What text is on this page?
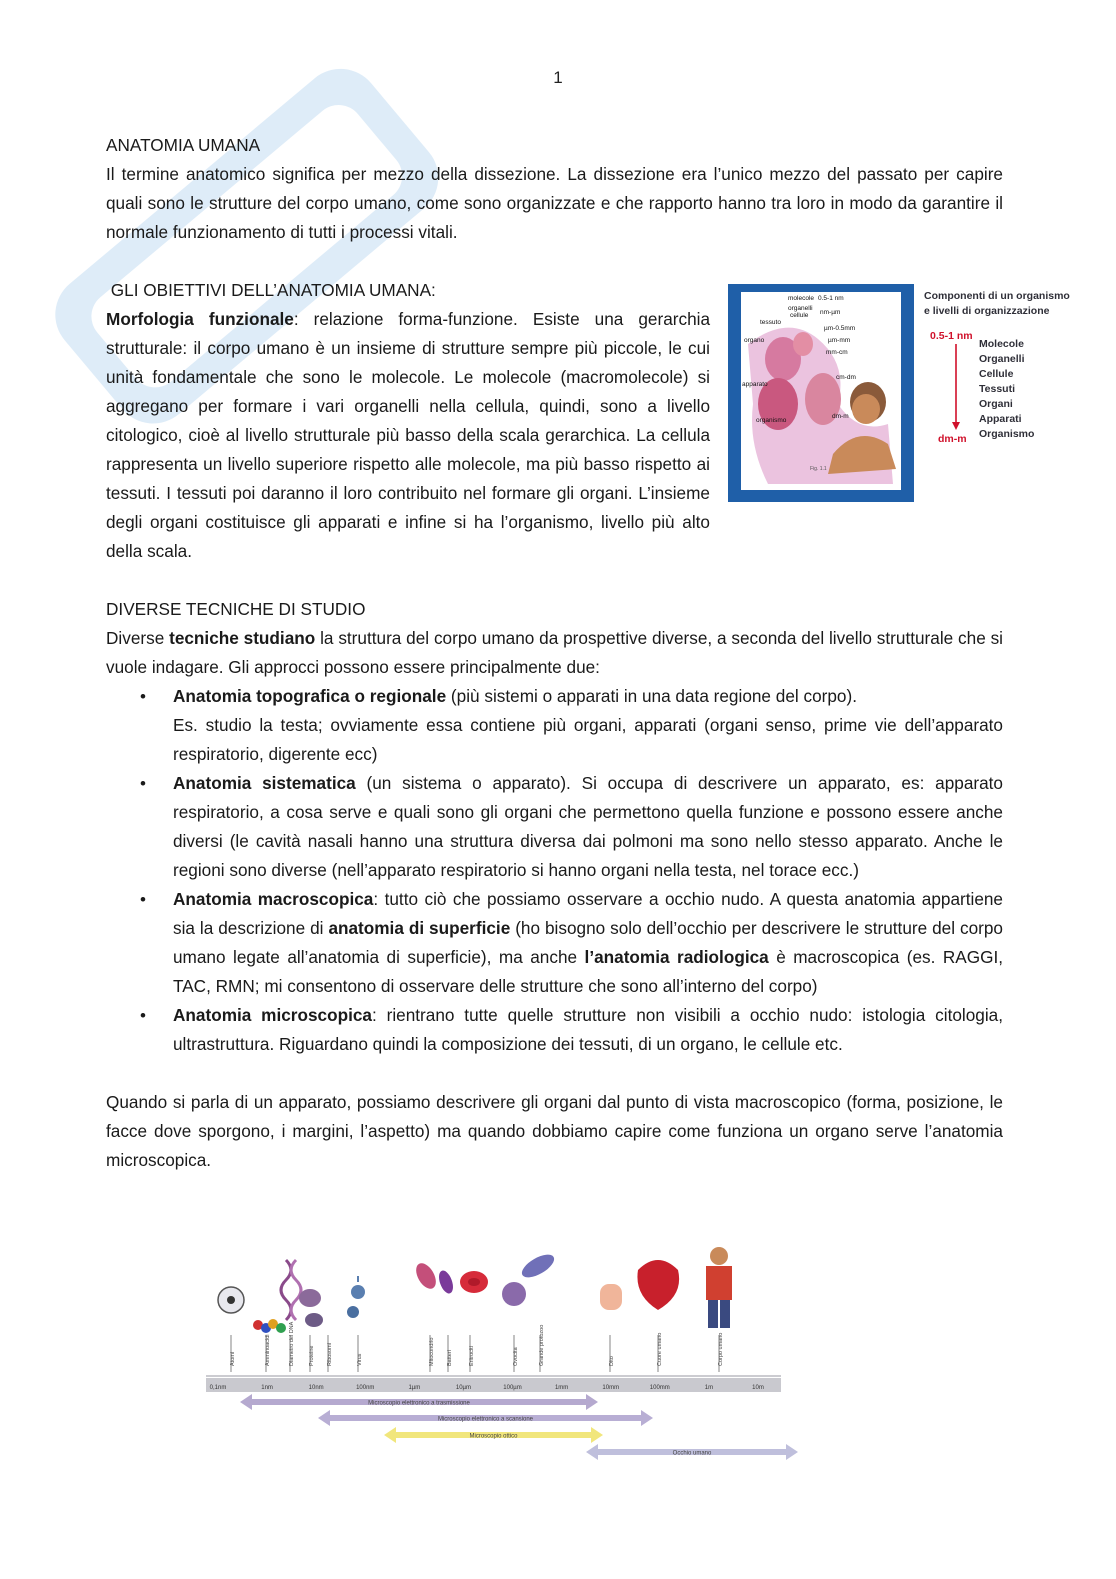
1

ANATOMIA UMANA

Il termine anatomico significa per mezzo della dissezione. La dissezione era l’unico mezzo del passato per capire quali sono le strutture del corpo umano, come sono organizzate e che rapporto hanno tra loro in modo da garantire il normale funzionamento di tutti i processi vitali.

molecole 0.5-1 nm
organelli
nm-µm
cellule
tessuto
µm-0.5mm
organo	µm-mm
mm-cm
cm-dm
apparato
organismo
dm-m
Fig. 1.1
Componenti di un organismo
e livelli di organizzazione
0.5-1 nm
dm-m
Molecole
Organelli
Cellule
Tessuti
Organi
Apparati
Organismo

GLI OBIETTIVI DELL’ANATOMIA UMANA:

Morfologia funzionale: relazione forma-funzione. Esiste una gerarchia strutturale: il corpo umano è un insieme di strutture sempre più piccole, le cui unità fondamentale che sono le molecole. Le molecole (macromolecole) si aggregano per formare i vari organelli nella cellula, quindi, sono a livello citologico, cioè al livello strutturale più basso della scala gerarchica. La cellula rappresenta un livello superiore rispetto alle molecole, ma più basso rispetto ai tessuti. I tessuti poi daranno il loro contribuito nel formare gli organi. L’insieme degli organi costituisce gli apparati e infine si ha l’organismo, livello più alto della scala.

DIVERSE TECNICHE DI STUDIO

Diverse tecniche studiano la struttura del corpo umano da prospettive diverse, a seconda del livello strutturale che si vuole indagare. Gli approcci possono essere principalmente due:

• Anatomia topografica o regionale (più sistemi o apparati in una data regione del corpo).
Es. studio la testa; ovviamente essa contiene più organi, apparati (organi senso, prime vie dell’apparato respiratorio, digerente ecc)
• Anatomia sistematica (un sistema o apparato). Si occupa di descrivere un apparato, es: apparato respiratorio, a cosa serve e quali sono gli organi che permettono quella funzione e possono essere anche diversi (le cavità nasali hanno una struttura diversa dai polmoni ma sono nello stesso apparato. Anche le regioni sono diverse (nell’apparato respiratorio si hanno organi nella testa, nel torace ecc.)
• Anatomia macroscopica: tutto ciò che possiamo osservare a occhio nudo. A questa anatomia appartiene sia la descrizione di anatomia di superficie (ho bisogno solo dell’occhio per descrivere le strutture del corpo umano legate all’anatomia di superficie), ma anche l’anatomia radiologica è macroscopica (es. RAGGI, TAC, RMN; mi consentono di osservare delle strutture che sono all’interno del corpo)
• Anatomia microscopica: rientrano tutte quelle strutture non visibili a occhio nudo: istologia citologia, ultrastruttura. Riguardano quindi la composizione dei tessuti, di un organo, le cellule etc.

Quando si parla di un apparato, possiamo descrivere gli organi dal punto di vista macroscopico (forma, posizione, le facce dove sporgono, i margini, l’aspetto) ma quando dobbiamo capire come funziona un organo serve l’anatomia microscopica.

0,1nm	1nm	10nm	100nm	1µm	10µm	100µm	1mm	10mm	100mm	1m	10m
Atomi	Amminoacidi	Diametro del DNA	Proteine Ribosomi	Virus	Mitocondrio Batteri	Eritrociti	Ovocita	Grande protozoo	Dito	Cuore umano	Corpo umano
Microscopio elettronico a trasmissione
Microscopio elettronico a scansione
Microscopio ottico
Occhio umano
